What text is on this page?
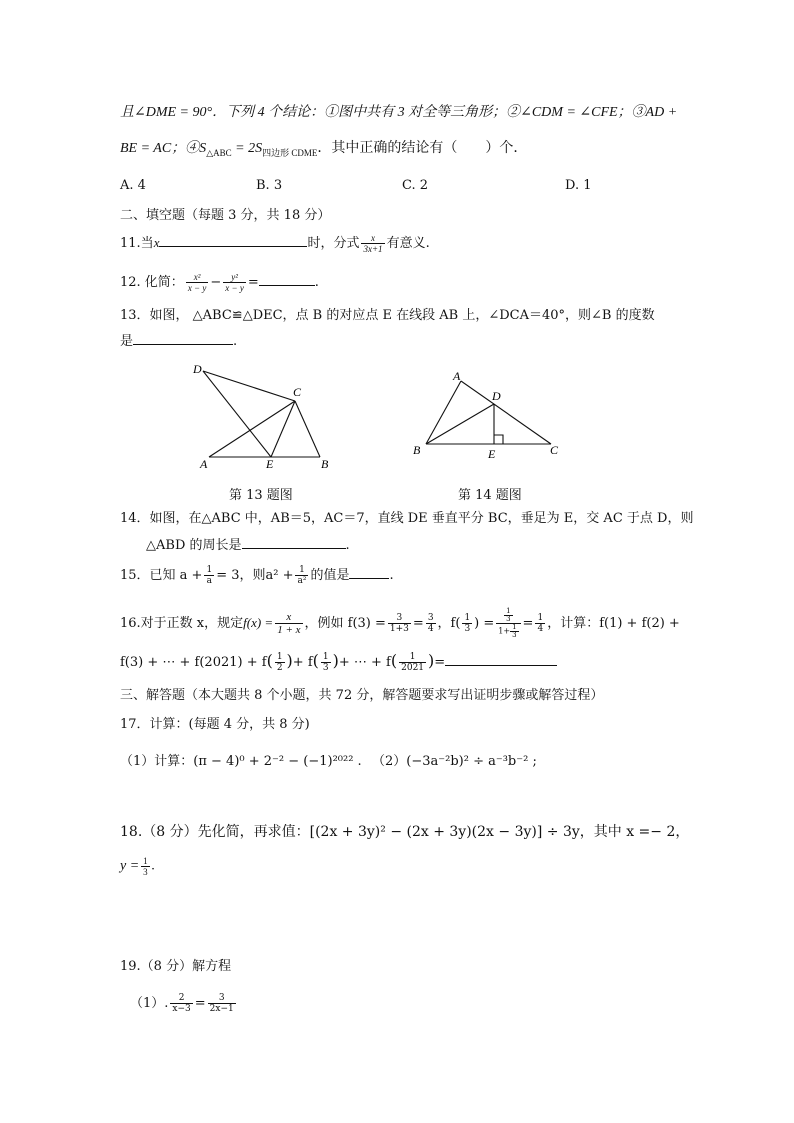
且∠DME = 90°．下列 4 个结论：①图中共有 3 对全等三角形；②∠CDM = ∠CFE；③AD +
BE = AC；$④S_{\triangle ABC} = 2S_{四边形 CDME}$．其中正确的结论有（　　）个．
A. 4	B. 3	C. 2	D. 1
二、填空题（每题 3 分，共 18 分）
11.当x	时，分式 $\frac{x}{3x+1}$ 有意义.
12. 化简： $\frac{\text{x²}}{x - y} - \frac{\text{y²}}{x - y}$ =	.
13．如图， △ABC≌△DEC，点 B 的对应点 E 在线段 AB 上，∠DCA＝40°，则∠B 的度数
是	.
D
C
A	E	B
第 13 题图
A
D
B	E	C
第 14 题图
14．如图，在△ABC 中，AB＝5，AC＝7，直线 DE 垂直平分 BC，垂足为 E，交 AC 于点 D，则
△ABD 的周长是	.
15．已知 $a + \frac{1}{a} = 3$，则$a^2 + \frac{1}{\text{a²}}$ 的值是	.
16.对于正数 x，规定$f(x) = \frac{x}{1 + x}$ ，例如 $f(3) = \frac{3}{1+3} = \frac{3}{4}$ ，$f( \frac{1}{3}$ ) = $\frac{\frac{1}{3}}{1+ \frac{1}{3}} = \frac{1}{4}$ ，计算：f(1) + f(2) +
f(3) + ⋯ + $f(2021) + f( \frac{1}{2}$ )+ $f( \frac{1}{3}$ )+ ⋯ + $f( \frac{1}{2021}$ )=
三、解答题（本大题共 8 个小题，共 72 分，解答题要求写出证明步骤或解答过程）
17．计算：(每题 4 分，共 8 分)
（1）计算：(π − 4)⁰ + 2⁻² − (−1)²⁰²² . （2）(−3a⁻²b)² ÷ a⁻³b⁻² ;
18.（8 分）先化简，再求值：[(2x + 3y)² − (2x + 3y)(2x − 3y)] ÷ 3y，其中 x =− 2，
$y = \frac{1}{3}$ .
19.（8 分）解方程
（1）. $\frac{2}{x-3} = \frac{3}{2x-1}$
